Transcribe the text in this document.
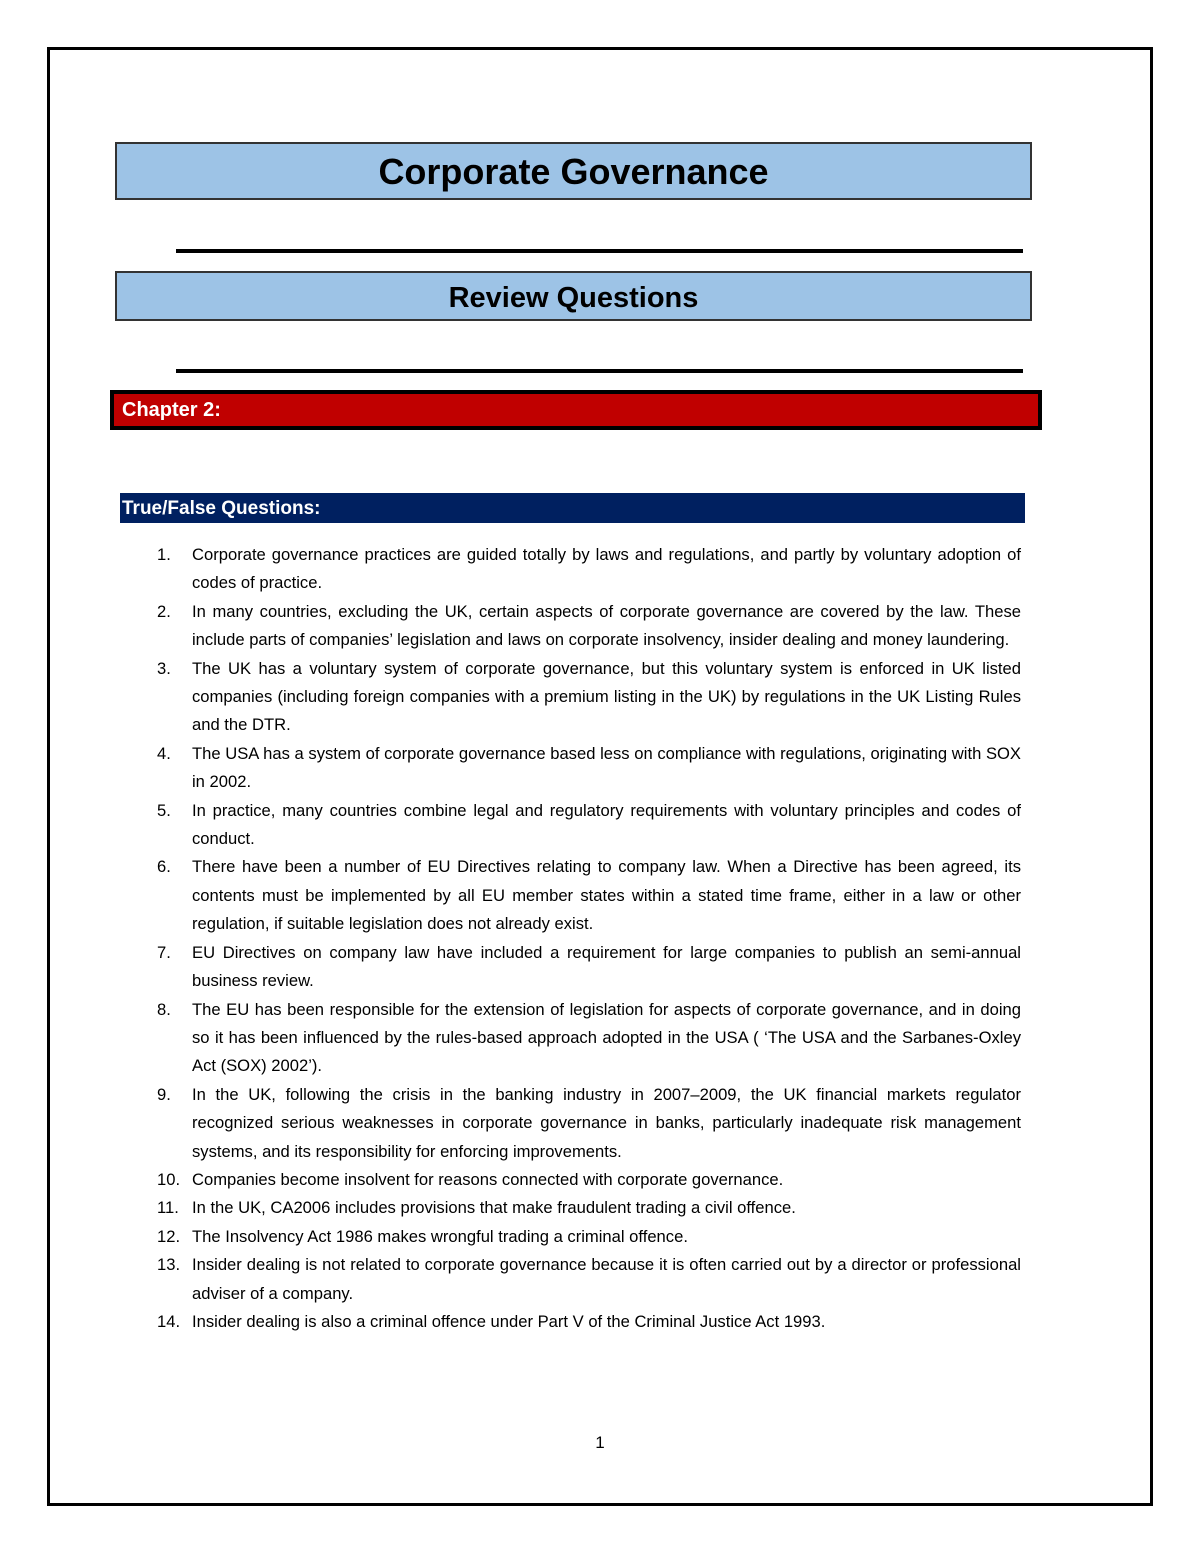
Corporate Governance
Review Questions
Chapter 2:
True/False Questions:
1. Corporate governance practices are guided totally by laws and regulations, and partly by voluntary adoption of codes of practice.
2. In many countries, excluding the UK, certain aspects of corporate governance are covered by the law. These include parts of companies’ legislation and laws on corporate insolvency, insider dealing and money laundering.
3. The UK has a voluntary system of corporate governance, but this voluntary system is enforced in UK listed companies (including foreign companies with a premium listing in the UK) by regulations in the UK Listing Rules and the DTR.
4. The USA has a system of corporate governance based less on compliance with regulations, originating with SOX in 2002.
5. In practice, many countries combine legal and regulatory requirements with voluntary principles and codes of conduct.
6. There have been a number of EU Directives relating to company law. When a Directive has been agreed, its contents must be implemented by all EU member states within a stated time frame, either in a law or other regulation, if suitable legislation does not already exist.
7. EU Directives on company law have included a requirement for large companies to publish an semi-annual business review.
8. The EU has been responsible for the extension of legislation for aspects of corporate governance, and in doing so it has been influenced by the rules-based approach adopted in the USA ( ‘The USA and the Sarbanes-Oxley Act (SOX) 2002’).
9. In the UK, following the crisis in the banking industry in 2007–2009, the UK financial markets regulator recognized serious weaknesses in corporate governance in banks, particularly inadequate risk management systems, and its responsibility for enforcing improvements.
10. Companies become insolvent for reasons connected with corporate governance.
11. In the UK, CA2006 includes provisions that make fraudulent trading a civil offence.
12. The Insolvency Act 1986 makes wrongful trading a criminal offence.
13. Insider dealing is not related to corporate governance because it is often carried out by a director or professional adviser of a company.
14. Insider dealing is also a criminal offence under Part V of the Criminal Justice Act 1993.
1
